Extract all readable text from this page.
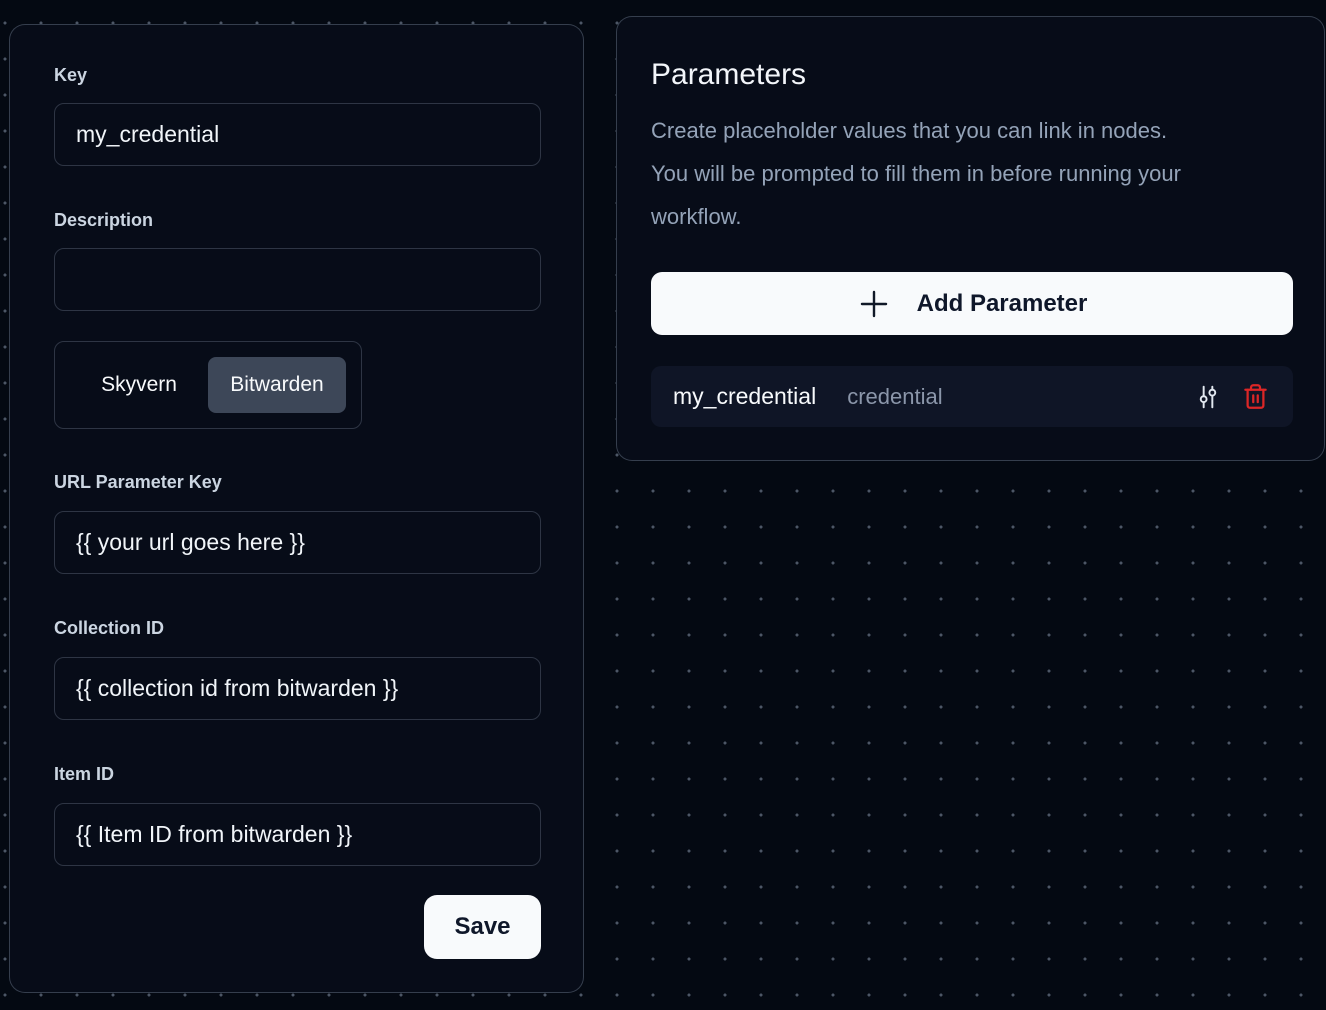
Key
my_credential
Description
Skyvern	Bitwarden
URL Parameter Key
{{ your url goes here }}
Collection ID
{{ collection id from bitwarden }}
Item ID
{{ Item ID from bitwarden }}
Save
Parameters

Create placeholder values that you can link in nodes.
You will be prompted to fill them in before running your
workflow.

Add Parameter
my_credential credential
